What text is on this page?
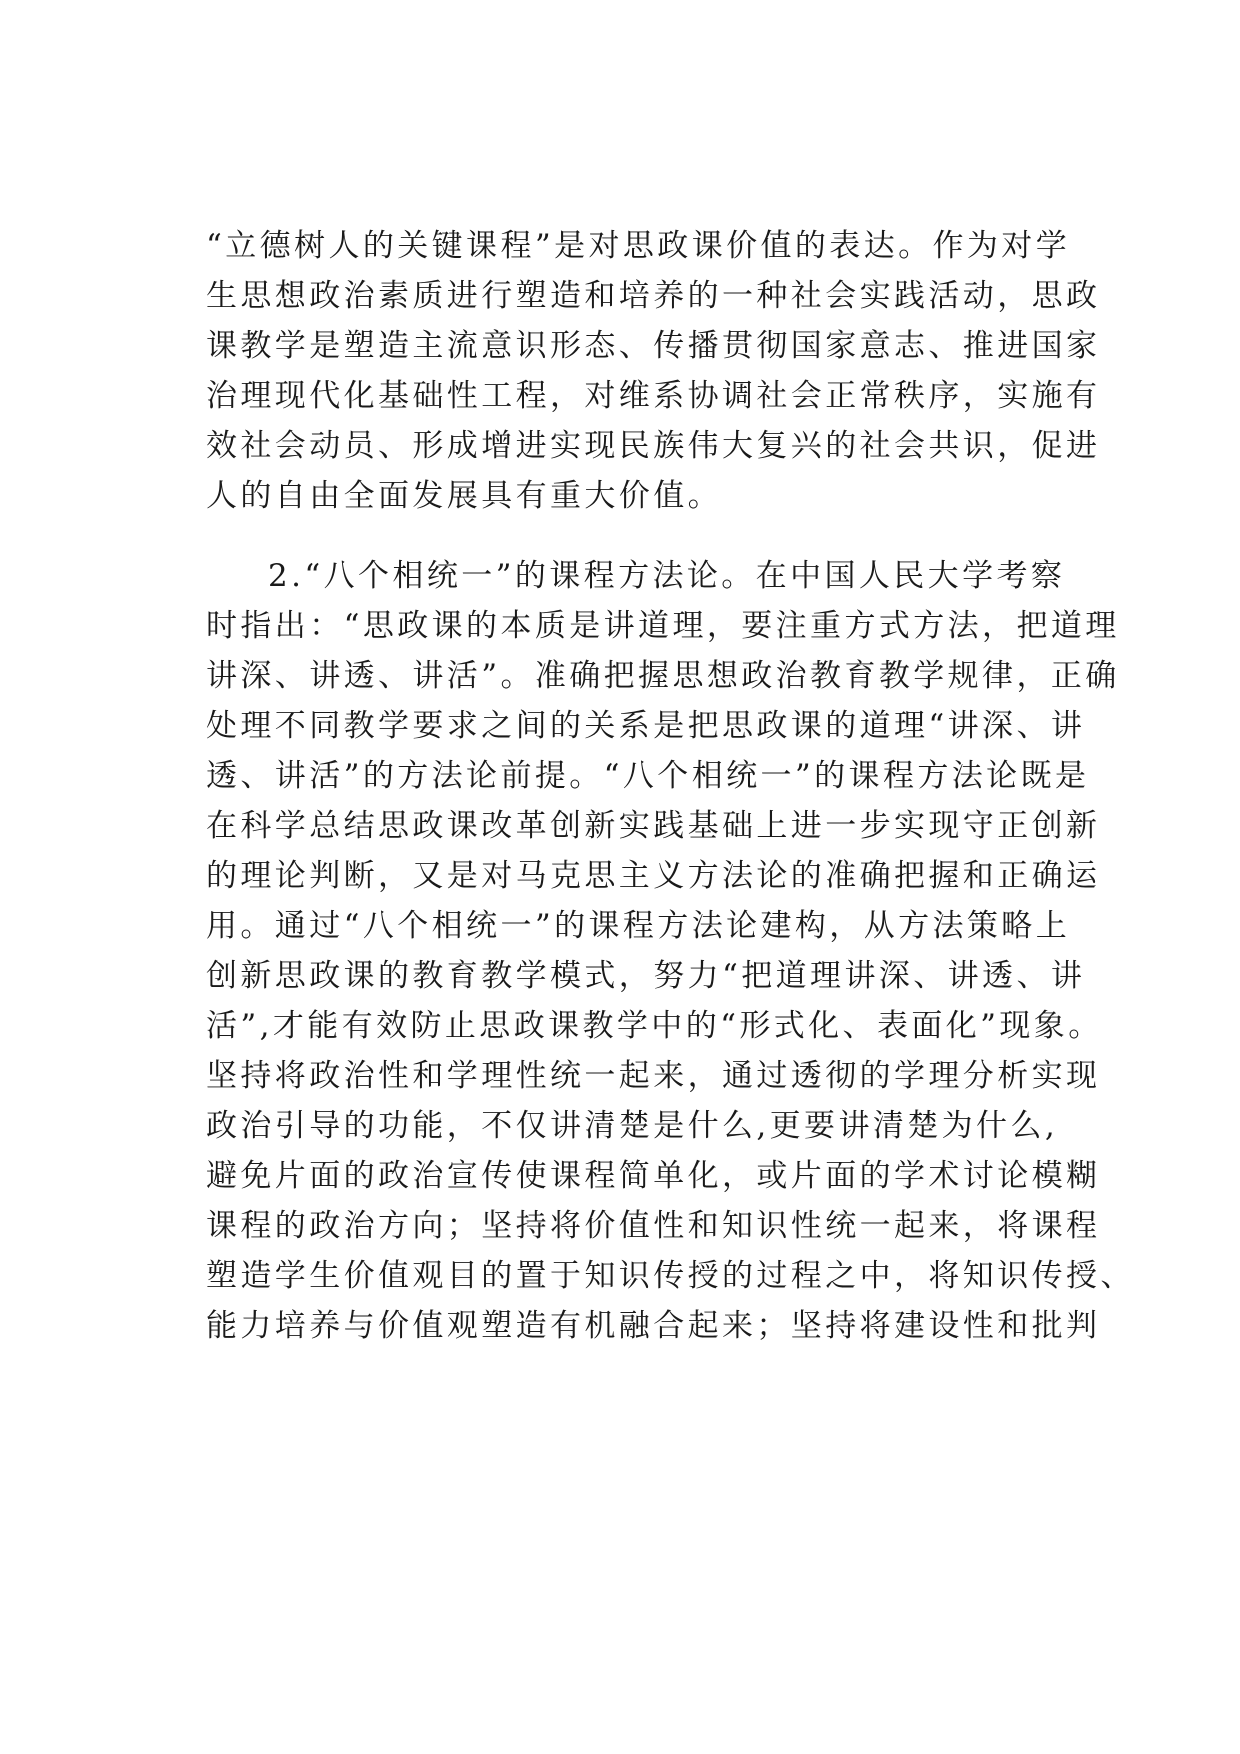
“立德树人的关键课程”是对思政课价值的表达。作为对学
生思想政治素质进行塑造和培养的一种社会实践活动，思政
课教学是塑造主流意识形态、传播贯彻国家意志、推进国家
治理现代化基础性工程，对维系协调社会正常秩序，实施有
效社会动员、形成增进实现民族伟大复兴的社会共识，促进
人的自由全面发展具有重大价值。
2.“八个相统一”的课程方法论。在中国人民大学考察
时指出：“思政课的本质是讲道理，要注重方式方法，把道理
讲深、讲透、讲活”。准确把握思想政治教育教学规律，正确
处理不同教学要求之间的关系是把思政课的道理“讲深、讲
透、讲活”的方法论前提。“八个相统一”的课程方法论既是
在科学总结思政课改革创新实践基础上进一步实现守正创新
的理论判断，又是对马克思主义方法论的准确把握和正确运
用。通过“八个相统一”的课程方法论建构，从方法策略上
创新思政课的教育教学模式，努力“把道理讲深、讲透、讲
活”,才能有效防止思政课教学中的“形式化、表面化”现象。
坚持将政治性和学理性统一起来，通过透彻的学理分析实现
政治引导的功能，不仅讲清楚是什么,更要讲清楚为什么,
避免片面的政治宣传使课程简单化，或片面的学术讨论模糊
课程的政治方向；坚持将价值性和知识性统一起来，将课程
塑造学生价值观目的置于知识传授的过程之中，将知识传授、
能力培养与价值观塑造有机融合起来；坚持将建设性和批判
